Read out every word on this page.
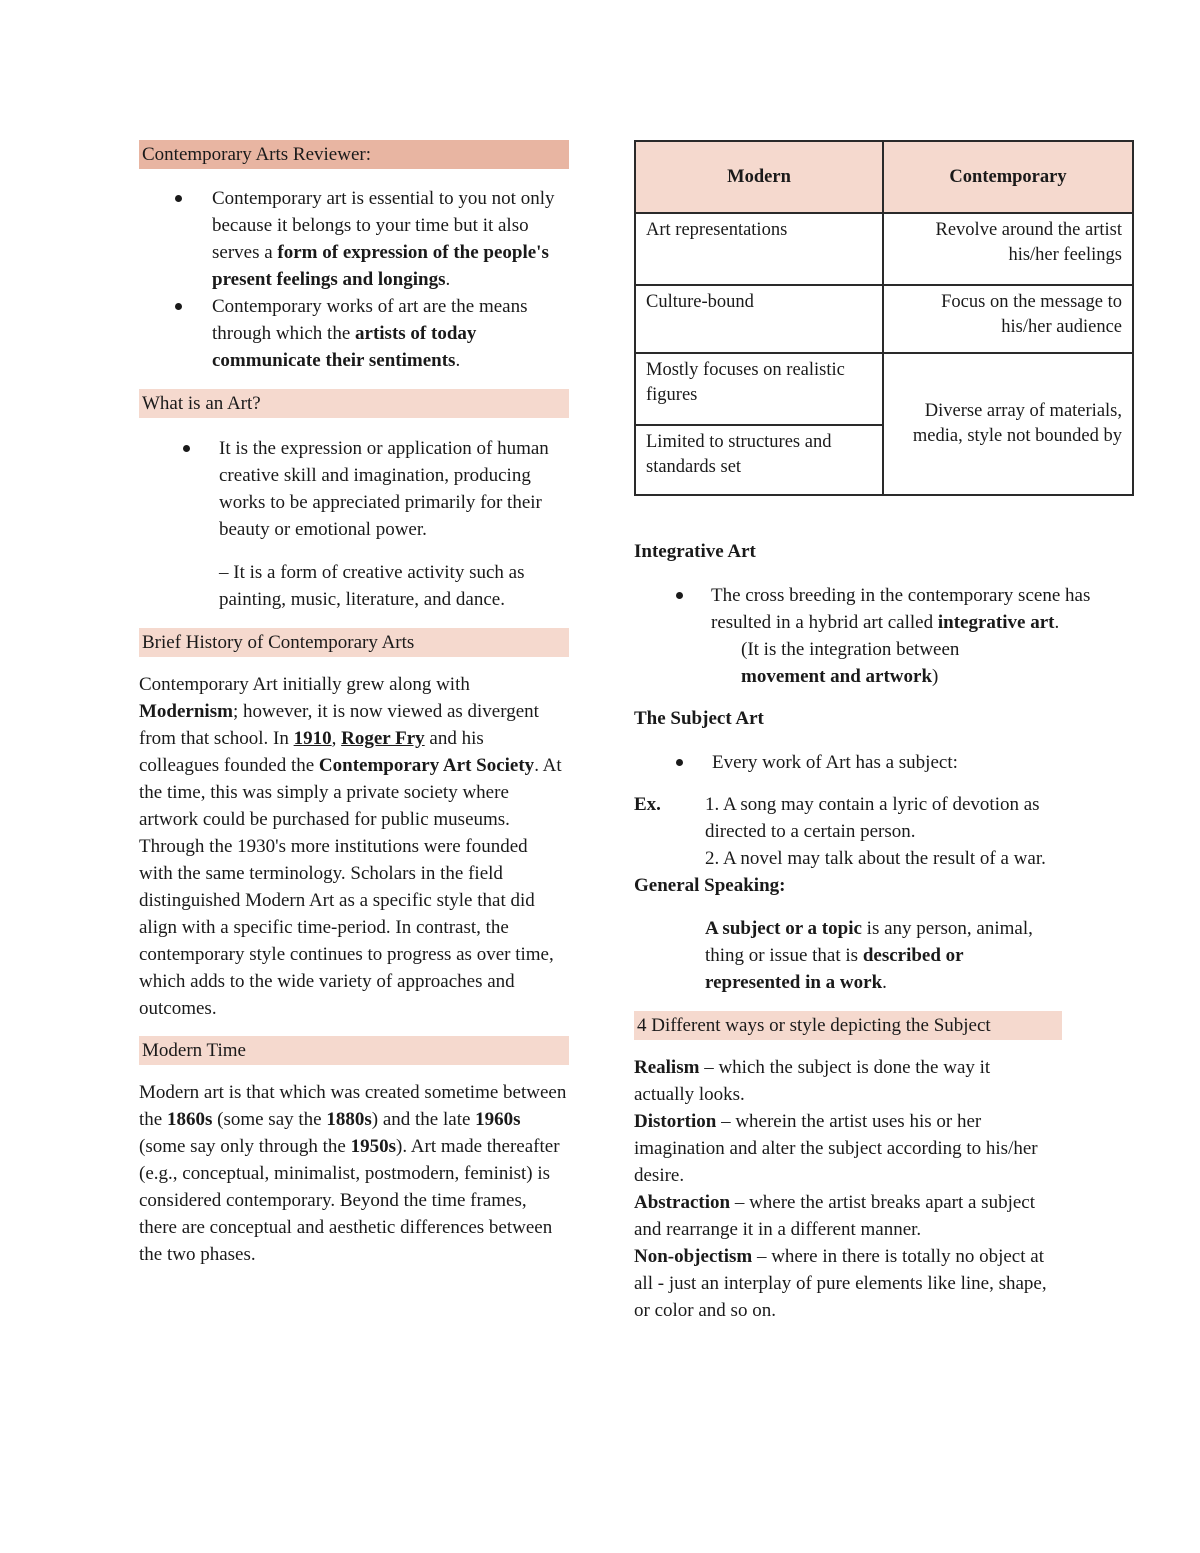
Contemporary Arts Reviewer:
Contemporary art is essential to you not only because it belongs to your time but it also serves a form of expression of the people's present feelings and longings.
Contemporary works of art are the means through which the artists of today communicate their sentiments.
What is an Art?
It is the expression or application of human creative skill and imagination, producing works to be appreciated primarily for their beauty or emotional power.

– It is a form of creative activity such as painting, music, literature, and dance.

Brief History of Contemporary Arts

Contemporary Art initially grew along with Modernism; however, it is now viewed as divergent from that school. In 1910, Roger Fry and his colleagues founded the Contemporary Art Society. At the time, this was simply a private society where artwork could be purchased for public museums. Through the 1930's more institutions were founded with the same terminology. Scholars in the field distinguished Modern Art as a specific style that did align with a specific time-period. In contrast, the contemporary style continues to progress as over time, which adds to the wide variety of approaches and outcomes.

Modern Time

Modern art is that which was created sometime between the 1860s (some say the 1880s) and the late 1960s (some say only through the 1950s). Art made thereafter (e.g., conceptual, minimalist, postmodern, feminist) is considered contemporary. Beyond the time frames, there are conceptual and aesthetic differences between the two phases.

Modern	Contemporary
Art representations	Revolve around the artist his/her feelings
Culture-bound	Focus on the message to his/her audience
Mostly focuses on realistic figures	Diverse array of materials, media, style not bounded by
Limited to structures and standards set	

Integrative Art

The cross breeding in the contemporary scene has resulted in a hybrid art called integrative art.
(It is the integration between
movement and artwork)

The Subject Art

Every work of Art has a subject:
Ex. 1. A song may contain a lyric of devotion as directed to a certain person.
2. A novel may talk about the result of a war.

General Speaking:

A subject or a topic is any person, animal, thing or issue that is described or represented in a work.

4 Different ways or style depicting the Subject
Realism – which the subject is done the way it actually looks.
Distortion – wherein the artist uses his or her imagination and alter the subject according to his/her desire.
Abstraction – where the artist breaks apart a subject and rearrange it in a different manner.
Non-objectism – where in there is totally no object at all - just an interplay of pure elements like line, shape, or color and so on.
